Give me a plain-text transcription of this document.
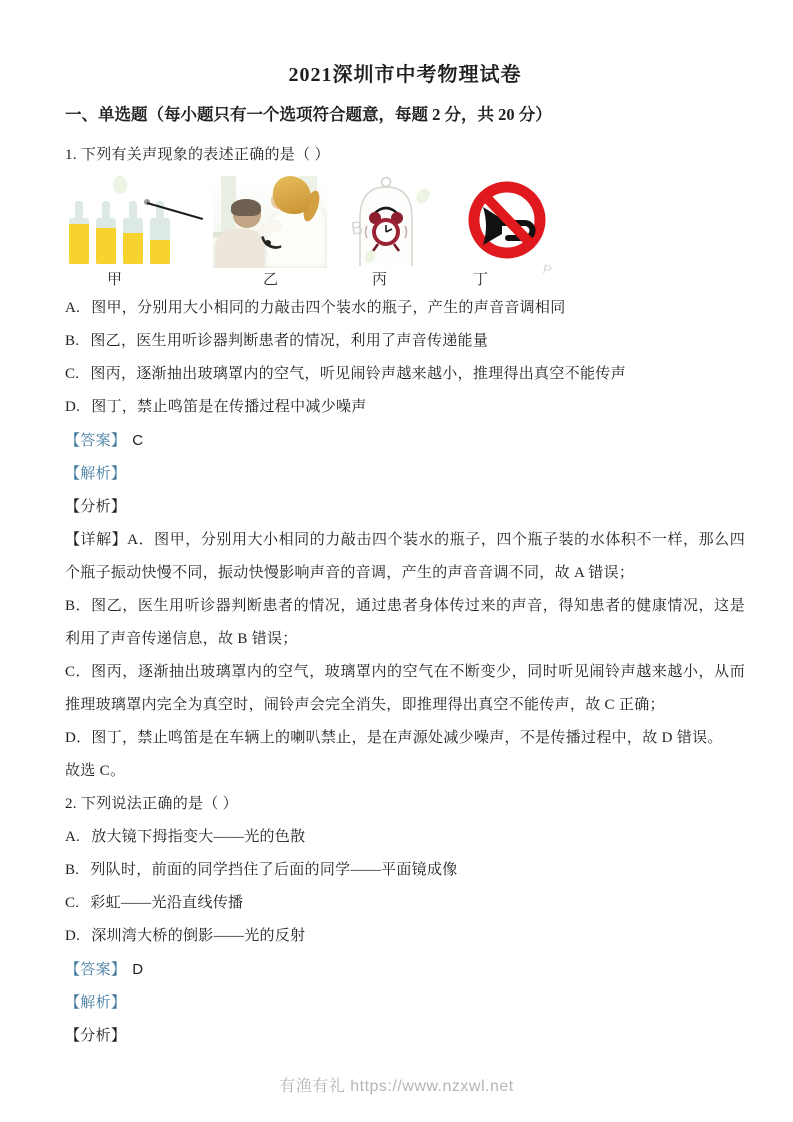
2021深圳市中考物理试卷
一、单选题（每小题只有一个选项符合题意，每题 2 分，共 20 分）

1. 下列有关声现象的表述正确的是（ ）

甲	乙	丙	丁
B
P

A. 图甲，分别用大小相同的力敲击四个装水的瓶子，产生的声音音调相同

B. 图乙，医生用听诊器判断患者的情况，利用了声音传递能量

C. 图丙，逐渐抽出玻璃罩内的空气，听见闹铃声越来越小，推理得出真空不能传声

D. 图丁，禁止鸣笛是在传播过程中减少噪声

【答案】 C

【解析】

【分析】

【详解】A．图甲，分别用大小相同的力敲击四个装水的瓶子，四个瓶子装的水体积不一样，那么四个瓶子振动快慢不同，振动快慢影响声音的音调，产生的声音音调不同，故 A 错误；

B．图乙，医生用听诊器判断患者的情况，通过患者身体传过来的声音，得知患者的健康情况，这是利用了声音传递信息，故 B 错误；

C．图丙，逐渐抽出玻璃罩内的空气，玻璃罩内的空气在不断变少，同时听见闹铃声越来越小，从而推理玻璃罩内完全为真空时，闹铃声会完全消失，即推理得出真空不能传声，故 C 正确；

D．图丁，禁止鸣笛是在车辆上的喇叭禁止，是在声源处减少噪声，不是传播过程中，故 D 错误。

故选 C。

2. 下列说法正确的是（ ）

A. 放大镜下拇指变大——光的色散

B. 列队时，前面的同学挡住了后面的同学——平面镜成像

C. 彩虹——光沿直线传播

D. 深圳湾大桥的倒影——光的反射

【答案】 D

【解析】

【分析】

有渔有礼 https://www.nzxwl.net
